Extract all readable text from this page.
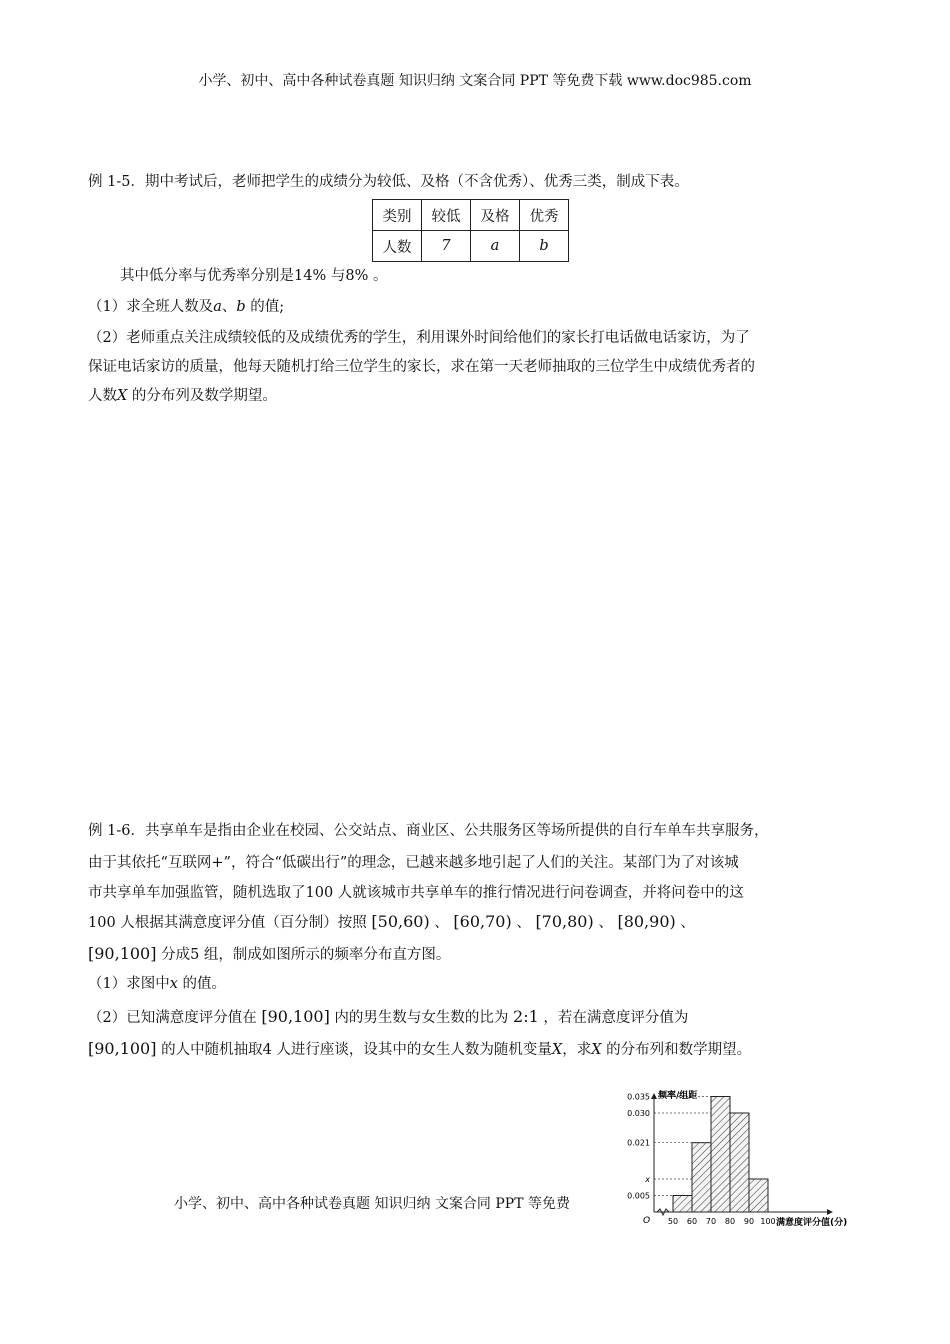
小学、初中、高中各种试卷真题 知识归纳 文案合同 PPT 等免费下载 www.doc985.com
例 1-5．期中考试后，老师把学生的成绩分为较低、及格（不含优秀）、优秀三类，制成下表。
类别	较低	及格	优秀
人数	7	a	b
其中低分率与优秀率分别是14% 与8% 。
（1）求全班人数及a、b 的值;
（2）老师重点关注成绩较低的及成绩优秀的学生，利用课外时间给他们的家长打电话做电话家访，为了
保证电话家访的质量，他每天随机打给三位学生的家长，求在第一天老师抽取的三位学生中成绩优秀者的
人数X 的分布列及数学期望。
例 1-6．共享单车是指由企业在校园、公交站点、商业区、公共服务区等场所提供的自行车单车共享服务，
由于其依托“互联网+”，符合“低碳出行”的理念，已越来越多地引起了人们的关注。某部门为了对该城
市共享单车加强监管，随机选取了100 人就该城市共享单车的推行情况进行问卷调查，并将问卷中的这
100 人根据其满意度评分值（百分制）按照 [50,60) 、 [60,70) 、 [70,80) 、 [80,90) 、
[90,100] 分成5 组，制成如图所示的频率分布直方图。
（1）求图中x 的值。
（2）已知满意度评分值在 [90,100] 内的男生数与女生数的比为 2:1 ，若在满意度评分值为
[90,100] 的人中随机抽取4 人进行座谈，设其中的女生人数为随机变量X，求X 的分布列和数学期望。
小学、初中、高中各种试卷真题 知识归纳 文案合同 PPT 等免费
频率/组距
满意度评分值(分)
O
0.005
x
0.021
0.030
0.035
50 60 70 80 90 100
